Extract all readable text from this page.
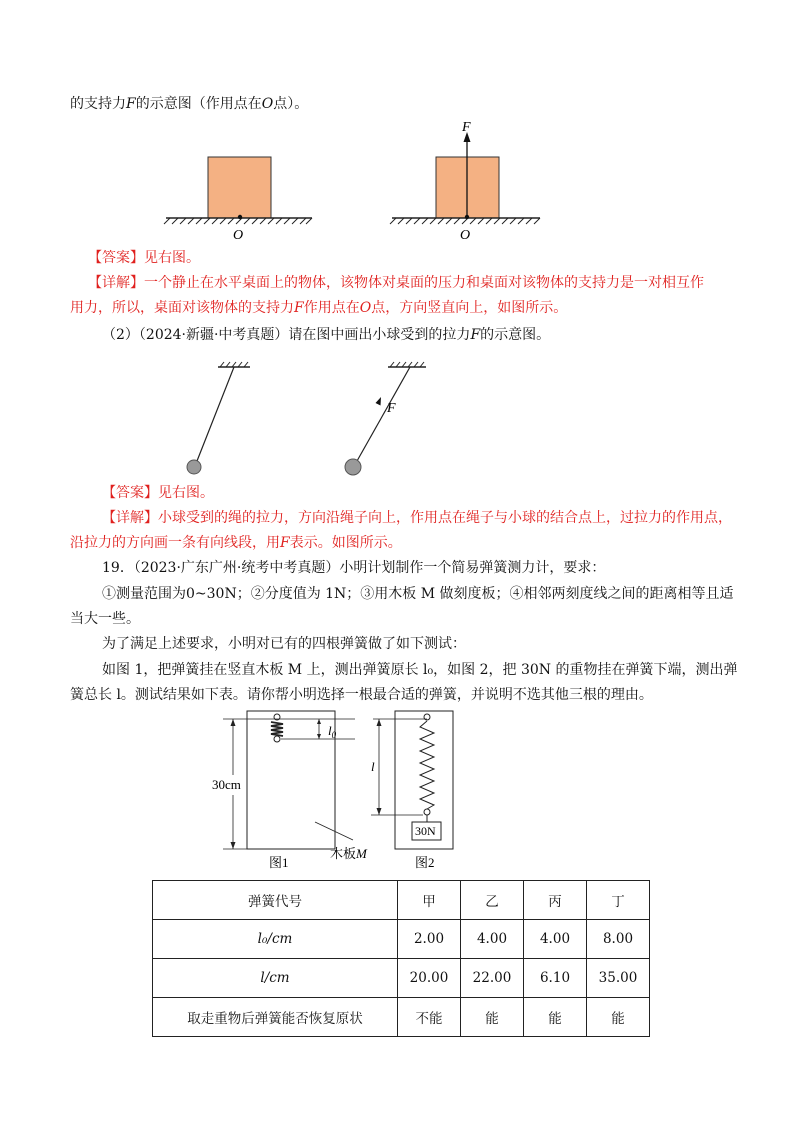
的支持力F的示意图（作用点在O点）。
O
F
O
【答案】见右图。
【详解】一个静止在水平桌面上的物体，该物体对桌面的压力和桌面对该物体的支持力是一对相互作
用力，所以，桌面对该物体的支持力F作用点在O点，方向竖直向上，如图所示。
（2）（2024·新疆·中考真题）请在图中画出小球受到的拉力F的示意图。
F
【答案】见右图。
【详解】小球受到的绳的拉力，方向沿绳子向上，作用点在绳子与小球的结合点上，过拉力的作用点，
沿拉力的方向画一条有向线段，用F表示。如图所示。
19．（2023·广东广州·统考中考真题）小明计划制作一个简易弹簧测力计，要求：
①测量范围为0~30N；②分度值为 1N；③用木板 M 做刻度板；④相邻两刻度线之间的距离相等且适
当大一些。
为了满足上述要求，小明对已有的四根弹簧做了如下测试：
如图 1，把弹簧挂在竖直木板 M 上，测出弹簧原长 l₀，如图 2，把 30N 的重物挂在弹簧下端，测出弹
簧总长 l。测试结果如下表。请你帮小明选择一根最合适的弹簧，并说明不选其他三根的理由。
30cm
$l_0$
图1
木板M
l
30N
图2
弹簧代号	甲	乙	丙	丁
l₀/cm	2.00	4.00	4.00	8.00
l/cm	20.00	22.00	6.10	35.00
取走重物后弹簧能否恢复原状	不能	能	能	能
